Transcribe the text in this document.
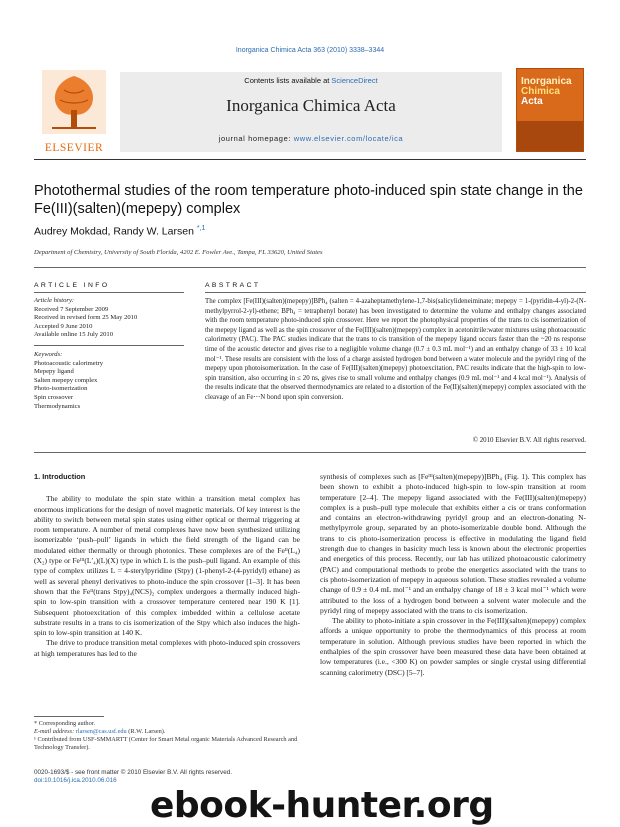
Inorganica Chimica Acta 363 (2010) 3338–3344
ELSEVIER
Contents lists available at ScienceDirect
Inorganica Chimica Acta
journal homepage: www.elsevier.com/locate/ica
Inorganica
Chimica
Acta
Photothermal studies of the room temperature photo-induced spin state change in the Fe(III)(salten)(mepepy) complex
Audrey Mokdad, Randy W. Larsen $^{*,1}$
Department of Chemistry, University of South Florida, 4202 E. Fowler Ave., Tampa, FL 33620, United States
ARTICLE INFO
Article history:
Received 7 September 2009
Received in revised form 25 May 2010
Accepted 9 June 2010
Available online 15 July 2010
Keywords:
Photoacoustic calorimetry
Mepepy ligand
Salten mepepy complex
Photo-isomerization
Spin crossover
Thermodynamics
ABSTRACT
The complex [Fe(III)(salten)(mepepy)]BPh₄ (salten = 4-azaheptamethylene-1,7-bis(salicylideneiminate; mepepy = 1-(pyridin-4-yl)-2-(N-methylpyrrol-2-yl)-ethene; BPh₄ = tetraphenyl borate) has been investigated to determine the volume and enthalpy changes associated with the room temperature photo-induced spin crossover. Here we report the photophysical properties of the trans to cis isomerization of the mepepy ligand as well as the spin crossover of the Fe(III)(salten)(mepepy) complex in acetonitrile:water mixtures using photoacoustic calorimetry (PAC). The PAC studies indicate that the trans to cis transition of the mepepy ligand occurs faster than the ~20 ns response time of the acoustic detector and gives rise to a negligible volume change (0.7 ± 0.3 mL mol⁻¹) and an enthalpy change of 33 ± 10 kcal mol⁻¹. These results are consistent with the loss of a charge assisted hydrogen bond between a water molecule and the pyridyl ring of the mepepy upon photoisomerization. In the case of Fe(III)(salten)(mepepy) photoexcitation, PAC results indicate that the high-spin to low-spin transition, also occurring in ≤ 20 ns, gives rise to small volume and enthalpy changes (0.9 mL mol⁻¹ and 4 kcal mol⁻¹). Analysis of the results indicate that the observed thermodynamics are related to a distortion of the Fe(II)(salten)(mepepy) complex associated with the cleavage of an Fe⋯N bond upon spin conversion.
© 2010 Elsevier B.V. All rights reserved.
1. Introduction

The ability to modulate the spin state within a transition metal complex has enormous implications for the design of novel magnetic materials. Of key interest is the ability to switch between metal spin states using either optical or thermal triggering at room temperature. A number of metal complexes have now been synthesized utilizing isomerizable ‘push–pull’ ligands in which the field strength of the ligand can be modulated either thermally or through photonics. These complexes are of the Feᴵᴵ(L₄)(X₂) type or Feᴵᴵᴵ(L′₄)(L)(X) type in which L is the push–pull ligand. An example of this type of complex utilizes L = 4-sterylpyridine (Stpy) (1-phenyl-2-(4-pyridyl) ethane) as well as several phenyl derivatives to photo-induce the spin crossover [1–3]. It has been shown that the Feᴵᴵ(trans Stpy)₄(NCS)₂ complex undergoes a thermally induced high-spin to low-spin transition with a crossover temperature centered near 190 K [1]. Subsequent photoexcitation of this complex imbedded within a cellulose acetate substrate results in a trans to cis isomerization of the Stpy which also induces the high-spin to low-spin transition at 140 K.

The drive to produce transition metal complexes with photo-induced spin crossovers at high temperatures has led to the

synthesis of complexes such as [Feᴵᴵᴵ(salten)(mepepy)]BPh₄ (Fig. 1). This complex has been shown to exhibit a photo-induced high-spin to low-spin transition at room temperature [2–4]. The mepepy ligand associated with the Fe(III)(salten)(mepepy) complex is a push–pull type molecule that exhibits either a cis or trans conformation and contains an electron-withdrawing pyridyl group and an electron-donating N-methylpyrrole group, separated by an photo-isomerizable double bond. Although the trans to cis photo-isomerization process is effective in modulating the ligand field strength due to changes in basicity much less is known about the electronic properties and energetics of this process. Recently, our lab has utilized photoacoustic calorimetry (PAC) and computational methods to probe the energetics associated with the trans to cis photo-isomerization of mepepy in aqueous solution. These studies revealed a volume change of 0.9 ± 0.4 mL mol⁻¹ and an enthalpy change of 18 ± 3 kcal mol⁻¹ which were attributed to the loss of a hydrogen bond between a solvent water molecule and the pyridyl ring of mepepy associated with the trans to cis isomerization.

The ability to photo-initiate a spin crossover in the Fe(III)(salten)(mepepy) complex affords a unique opportunity to probe the thermodynamics of this process at room temperature in solution. Although previous studies have been reported in which the enthalpies of the spin crossover have been measured these data have been obtained at low temperatures (i.e., <300 K) on powder samples or single crystal using differential scanning calorimetry (DSC) [5–7].

* Corresponding author.
E-mail address: rlarsen@cas.usf.edu (R.W. Larsen).
¹ Contributed from USF-SMMARTT (Center for Smart Metal organic Materials Advanced Research and Technology Transfer).
0020-1693/$ - see front matter © 2010 Elsevier B.V. All rights reserved.
doi:10.1016/j.ica.2010.06.016
ebook-hunter.org
